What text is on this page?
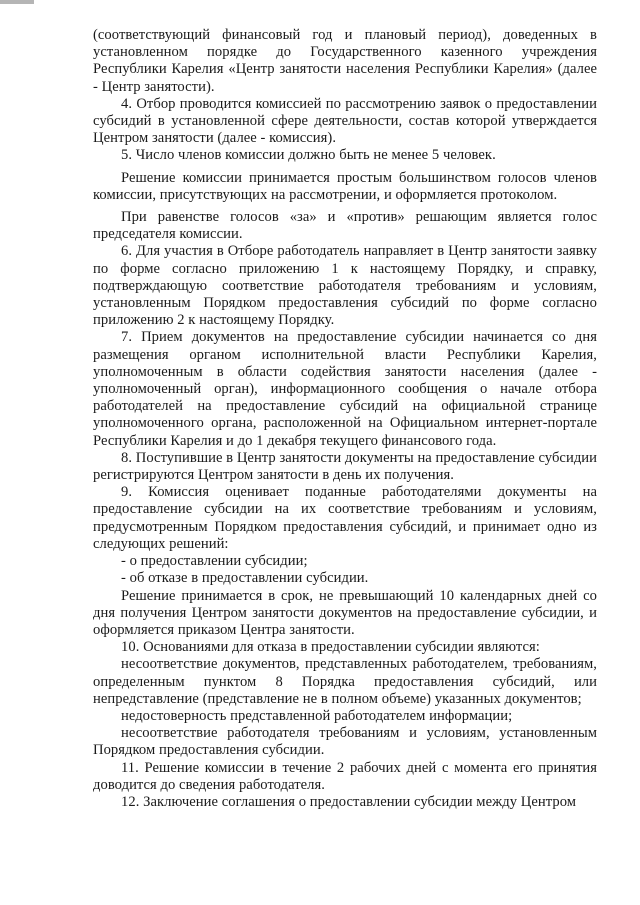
(соответствующий финансовый год и плановый период), доведенных в установленном порядке до Государственного казенного учреждения Республики Карелия «Центр занятости населения Республики Карелия» (далее - Центр занятости).

4. Отбор проводится комиссией по рассмотрению заявок о предоставлении субсидий в установленной сфере деятельности, состав которой утверждается Центром занятости (далее - комиссия).

5. Число членов комиссии должно быть не менее 5 человек.

Решение комиссии принимается простым большинством голосов членов комиссии, присутствующих на рассмотрении, и оформляется протоколом.

При равенстве голосов «за» и «против» решающим является голос председателя комиссии.

6. Для участия в Отборе работодатель направляет в Центр занятости заявку по форме согласно приложению 1 к настоящему Порядку, и справку, подтверждающую соответствие работодателя требованиям и условиям, установленным Порядком предоставления субсидий по форме согласно приложению 2 к настоящему Порядку.

7. Прием документов на предоставление субсидии начинается со дня размещения органом исполнительной власти Республики Карелия, уполномоченным в области содействия занятости населения (далее - уполномоченный орган), информационного сообщения о начале отбора работодателей на предоставление субсидий на официальной странице уполномоченного органа, расположенной на Официальном интернет-портале Республики Карелия и до 1 декабря текущего финансового года.

8. Поступившие в Центр занятости документы на предоставление субсидии регистрируются Центром занятости в день их получения.

9. Комиссия оценивает поданные работодателями документы на предоставление субсидии на их соответствие требованиям и условиям, предусмотренным Порядком предоставления субсидий, и принимает одно из следующих решений:

- о предоставлении субсидии;

- об отказе в предоставлении субсидии.

Решение принимается в срок, не превышающий 10 календарных дней со дня получения Центром занятости документов на предоставление субсидии, и оформляется приказом Центра занятости.

10. Основаниями для отказа в предоставлении субсидии являются:

несоответствие документов, представленных работодателем, требованиям, определенным пунктом 8 Порядка предоставления субсидий, или непредставление (представление не в полном объеме) указанных документов;

недостоверность представленной работодателем информации;

несоответствие работодателя требованиям и условиям, установленным Порядком предоставления субсидии.

11. Решение комиссии в течение 2 рабочих дней с момента его принятия доводится до сведения работодателя.

12. Заключение соглашения о предоставлении субсидии между Центром
